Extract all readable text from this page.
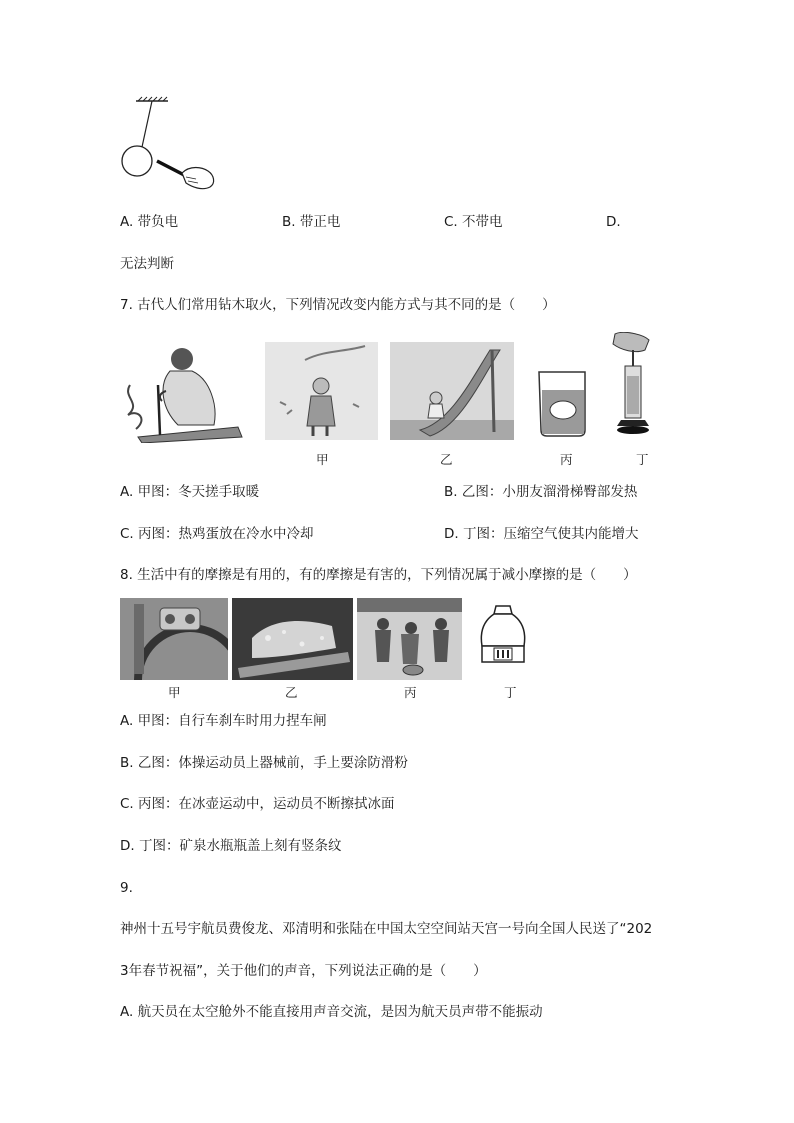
A. 带负电	B. 带正电	C. 不带电	D.
无法判断
7. 古代人们常用钻木取火，下列情况改变内能方式与其不同的是（　　）
甲	乙	丙	丁
A. 甲图：冬天搓手取暖	B. 乙图：小朋友溜滑梯臀部发热
C. 丙图：热鸡蛋放在冷水中冷却	D. 丁图：压缩空气使其内能增大
8. 生活中有的摩擦是有用的，有的摩擦是有害的，下列情况属于减小摩擦的是（　　）
甲	乙	丙	丁
A. 甲图：自行车刹车时用力捏车闸
B. 乙图：体操运动员上器械前，手上要涂防滑粉
C. 丙图：在冰壶运动中，运动员不断擦拭冰面
D. 丁图：矿泉水瓶瓶盖上刻有竖条纹
9.
神州十五号宇航员费俊龙、邓清明和张陆在中国太空空间站天宫一号向全国人民送了“202
3年春节祝福”，关于他们的声音，下列说法正确的是（　　）
A. 航天员在太空舱外不能直接用声音交流，是因为航天员声带不能振动
